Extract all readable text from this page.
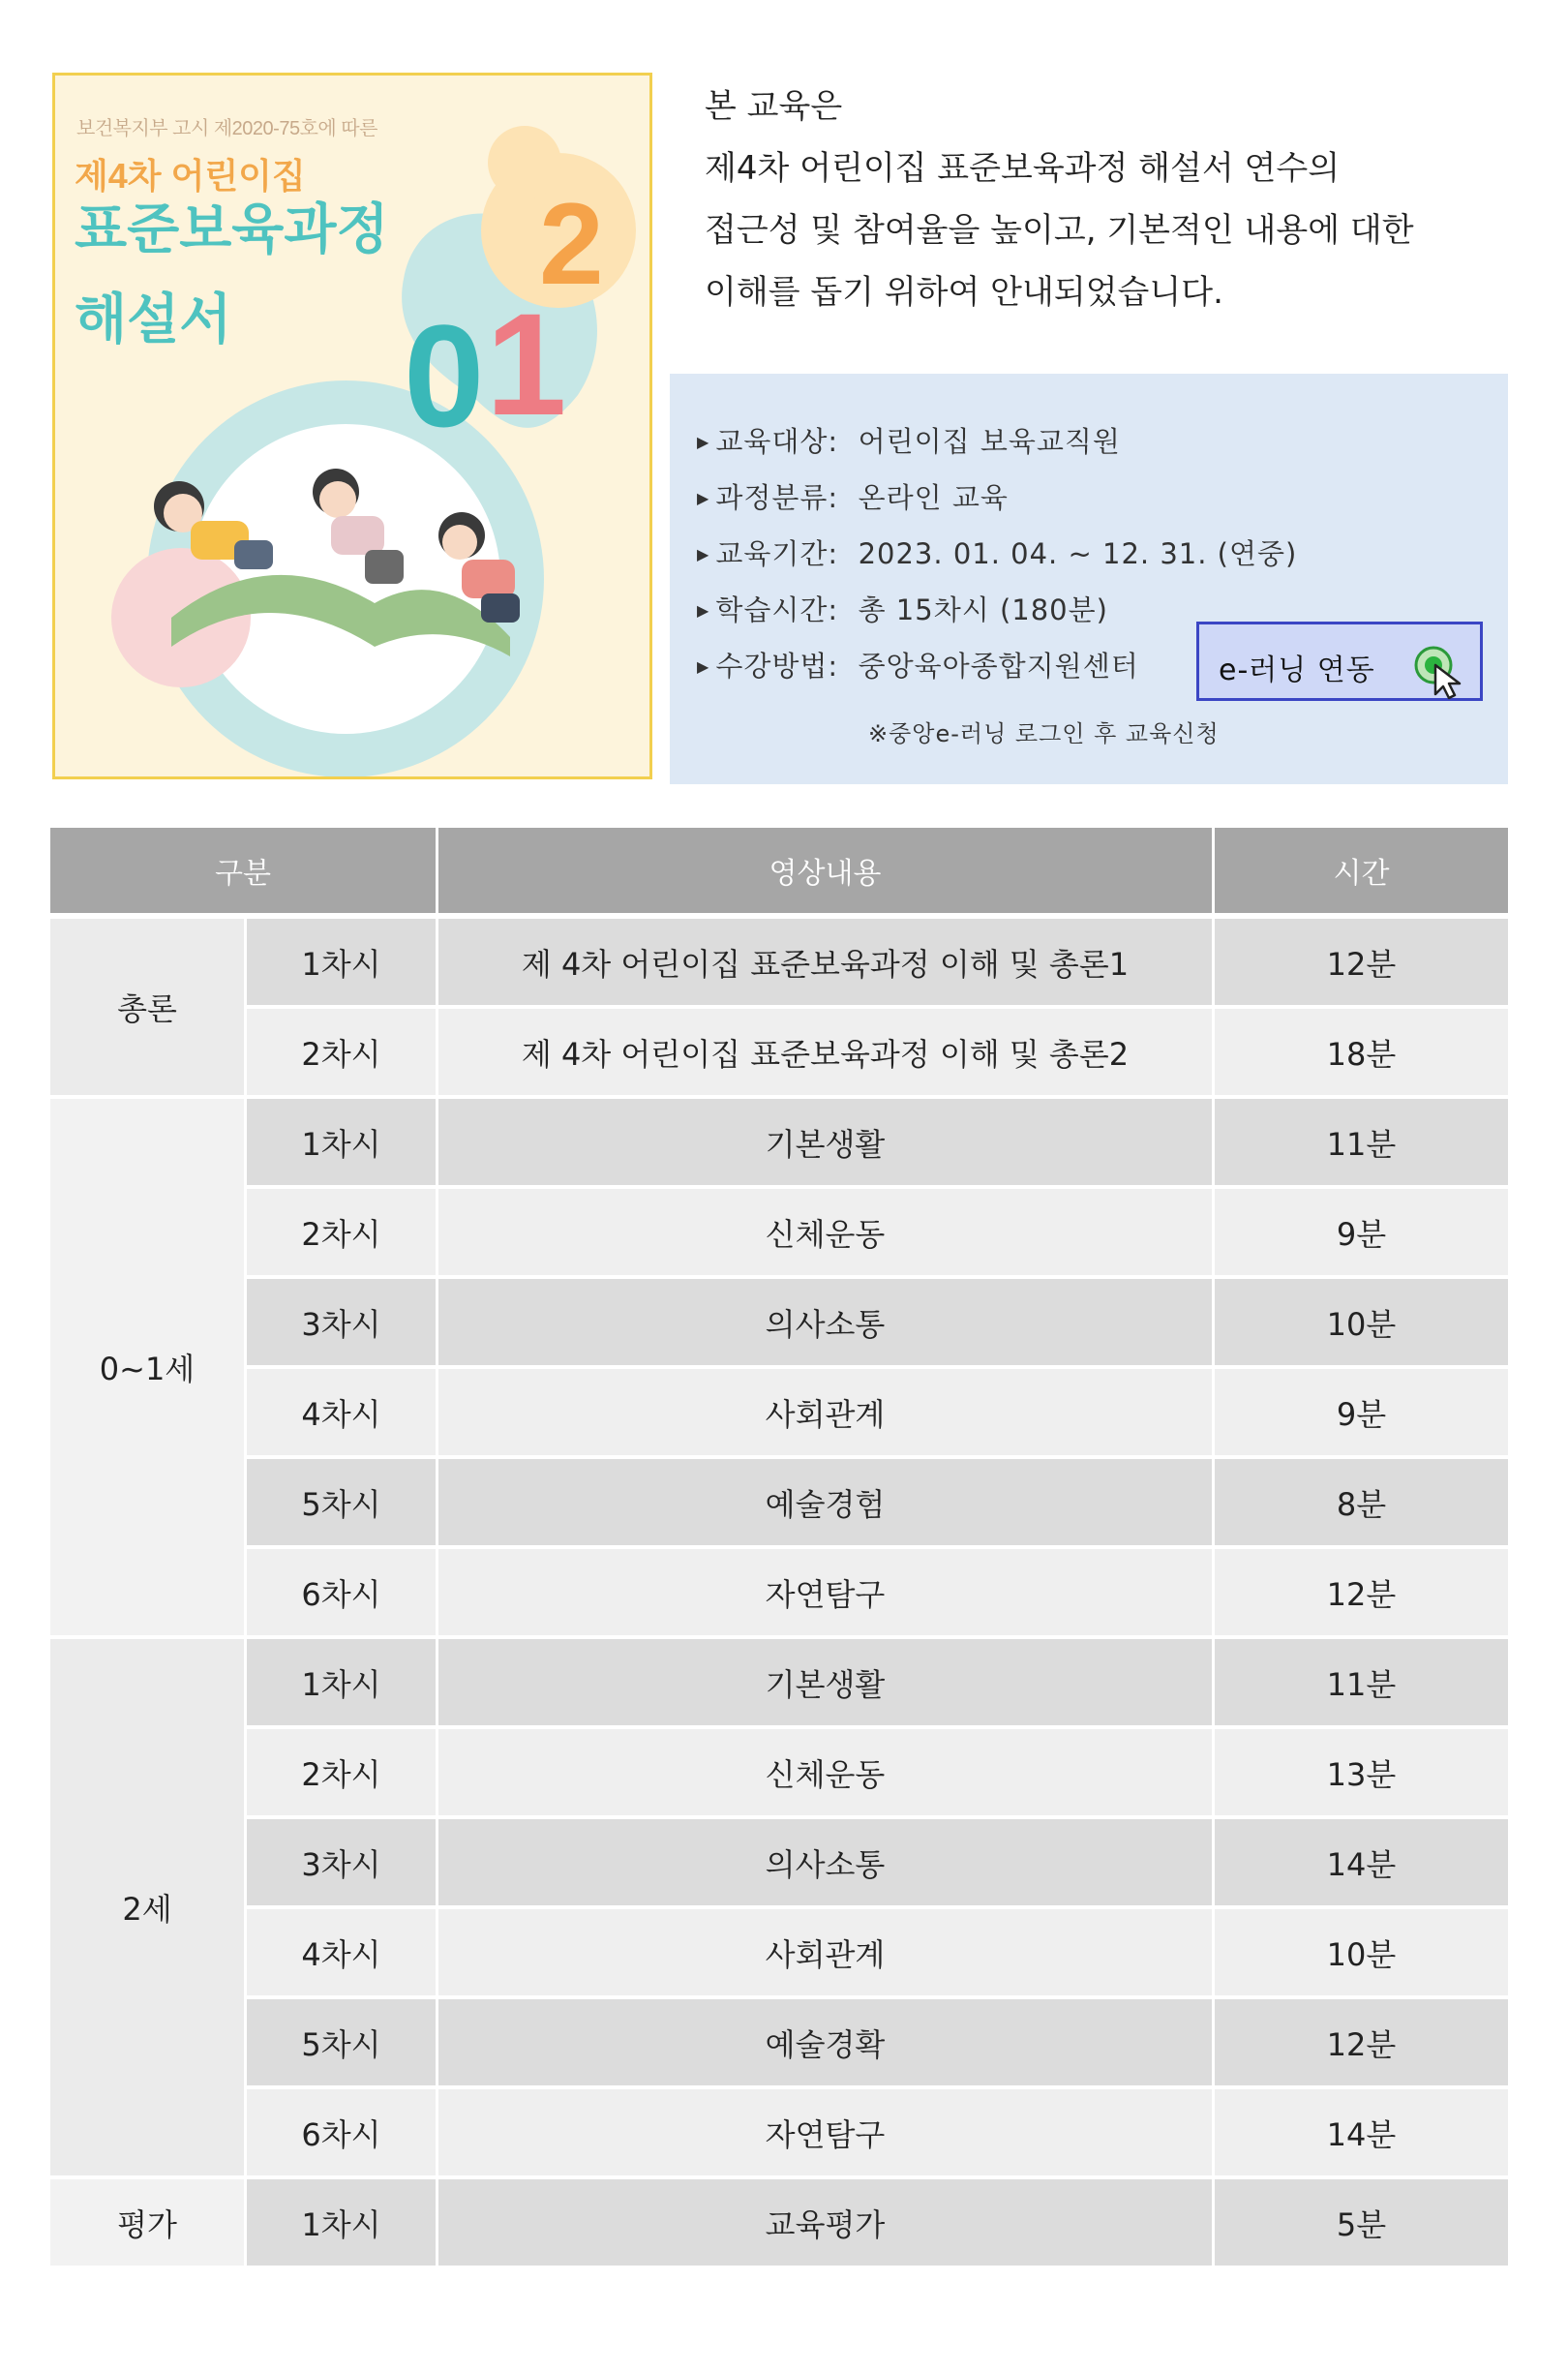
2
0 1
보건복지부 고시 제2020-75호에 따른
제4차 어린이집
표준보육과정
해설서
본 교육은
제4차 어린이집 표준보육과정 해설서 연수의
접근성 및 참여율을 높이고, 기본적인 내용에 대한
이해를 돕기 위하여 안내되었습니다.
▶ 교육대상: 어린이집 보육교직원
▶ 과정분류: 온라인 교육
▶ 교육기간: 2023. 01. 04. ~ 12. 31. (연중)
▶ 학습시간: 총 15차시 (180분)
▶ 수강방법: 중앙육아종합지원센터	e-러닝 연동
※중앙e-러닝 로그인 후 교육신청
구분		영상내용	시간
총론	1차시	제 4차 어린이집 표준보육과정 이해 및 총론1	12분
	2차시	제 4차 어린이집 표준보육과정 이해 및 총론2	18분
0~1세	1차시	기본생활	11분
	2차시	신체운동	9분
	3차시	의사소통	10분
	4차시	사회관계	9분
	5차시	예술경험	8분
	6차시	자연탐구	12분
2세	1차시	기본생활	11분
	2차시	신체운동	13분
	3차시	의사소통	14분
	4차시	사회관계	10분
	5차시	예술경확	12분
	6차시	자연탐구	14분
평가	1차시	교육평가	5분
